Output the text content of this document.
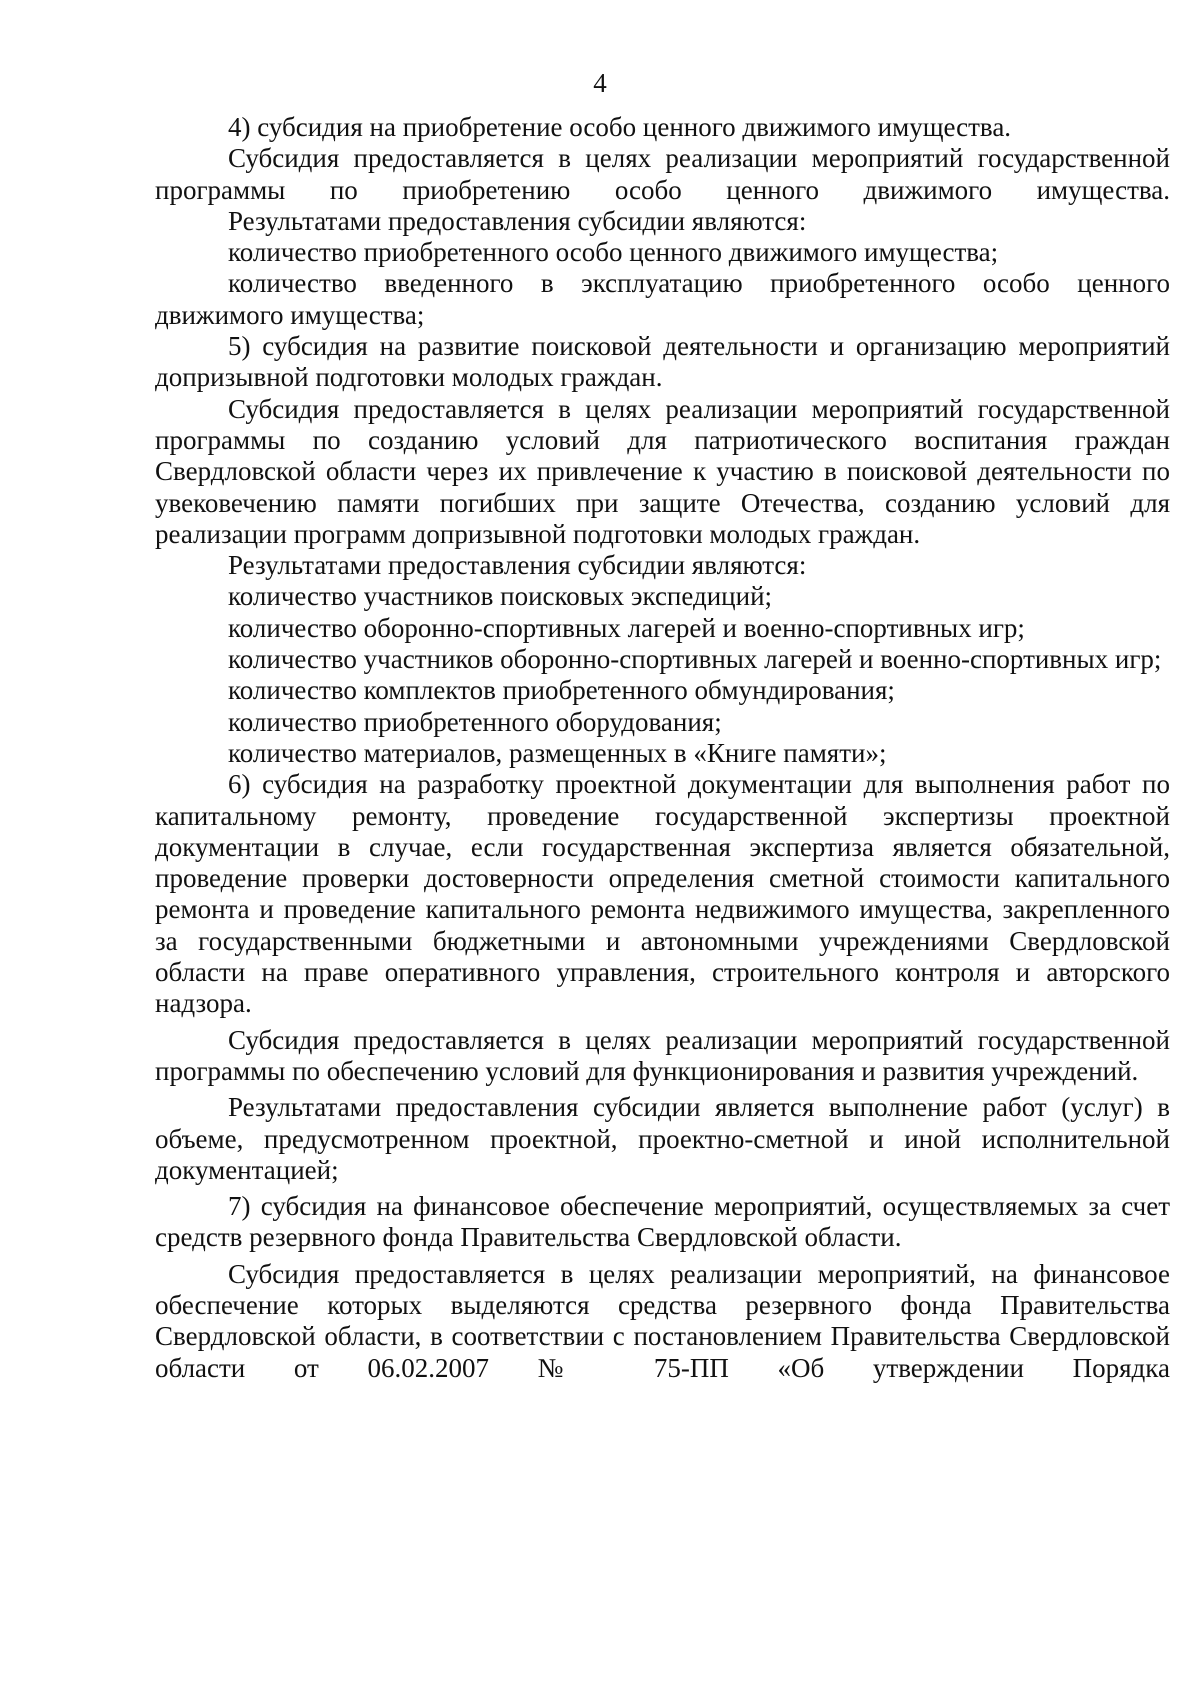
4

4) субсидия на приобретение особо ценного движимого имущества.

Субсидия предоставляется в целях реализации мероприятий государственной программы по приобретению особо ценного движимого имущества.

Результатами предоставления субсидии являются:

количество приобретенного особо ценного движимого имущества;

количество введенного в эксплуатацию приобретенного особо ценного движимого имущества;

5) субсидия на развитие поисковой деятельности и организацию мероприятий допризывной подготовки молодых граждан.

Субсидия предоставляется в целях реализации мероприятий государственной программы по созданию условий для патриотического воспитания граждан Свердловской области через их привлечение к участию в поисковой деятельности по увековечению памяти погибших при защите Отечества, созданию условий для реализации программ допризывной подготовки молодых граждан.

Результатами предоставления субсидии являются:

количество участников поисковых экспедиций;

количество оборонно-спортивных лагерей и военно-спортивных игр;

количество участников оборонно-спортивных лагерей и военно-спортивных игр;

количество комплектов приобретенного обмундирования;

количество приобретенного оборудования;

количество материалов, размещенных в «Книге памяти»;

6) субсидия на разработку проектной документации для выполнения работ по капитальному ремонту, проведение государственной экспертизы проектной документации в случае, если государственная экспертиза является обязательной, проведение проверки достоверности определения сметной стоимости капитального ремонта и проведение капитального ремонта недвижимого имущества, закрепленного за государственными бюджетными и автономными учреждениями Свердловской области на праве оперативного управления, строительного контроля и авторского надзора.

Субсидия предоставляется в целях реализации мероприятий государственной программы по обеспечению условий для функционирования и развития учреждений.

Результатами предоставления субсидии является выполнение работ (услуг) в объеме, предусмотренном проектной, проектно-сметной и иной исполнительной документацией;

7) субсидия на финансовое обеспечение мероприятий, осуществляемых за счет средств резервного фонда Правительства Свердловской области.

Субсидия предоставляется в целях реализации мероприятий, на финансовое обеспечение которых выделяются средства резервного фонда Правительства Свердловской области, в соответствии с постановлением Правительства Свердловской области от 06.02.2007 № 75-ПП «Об утверждении Порядка
